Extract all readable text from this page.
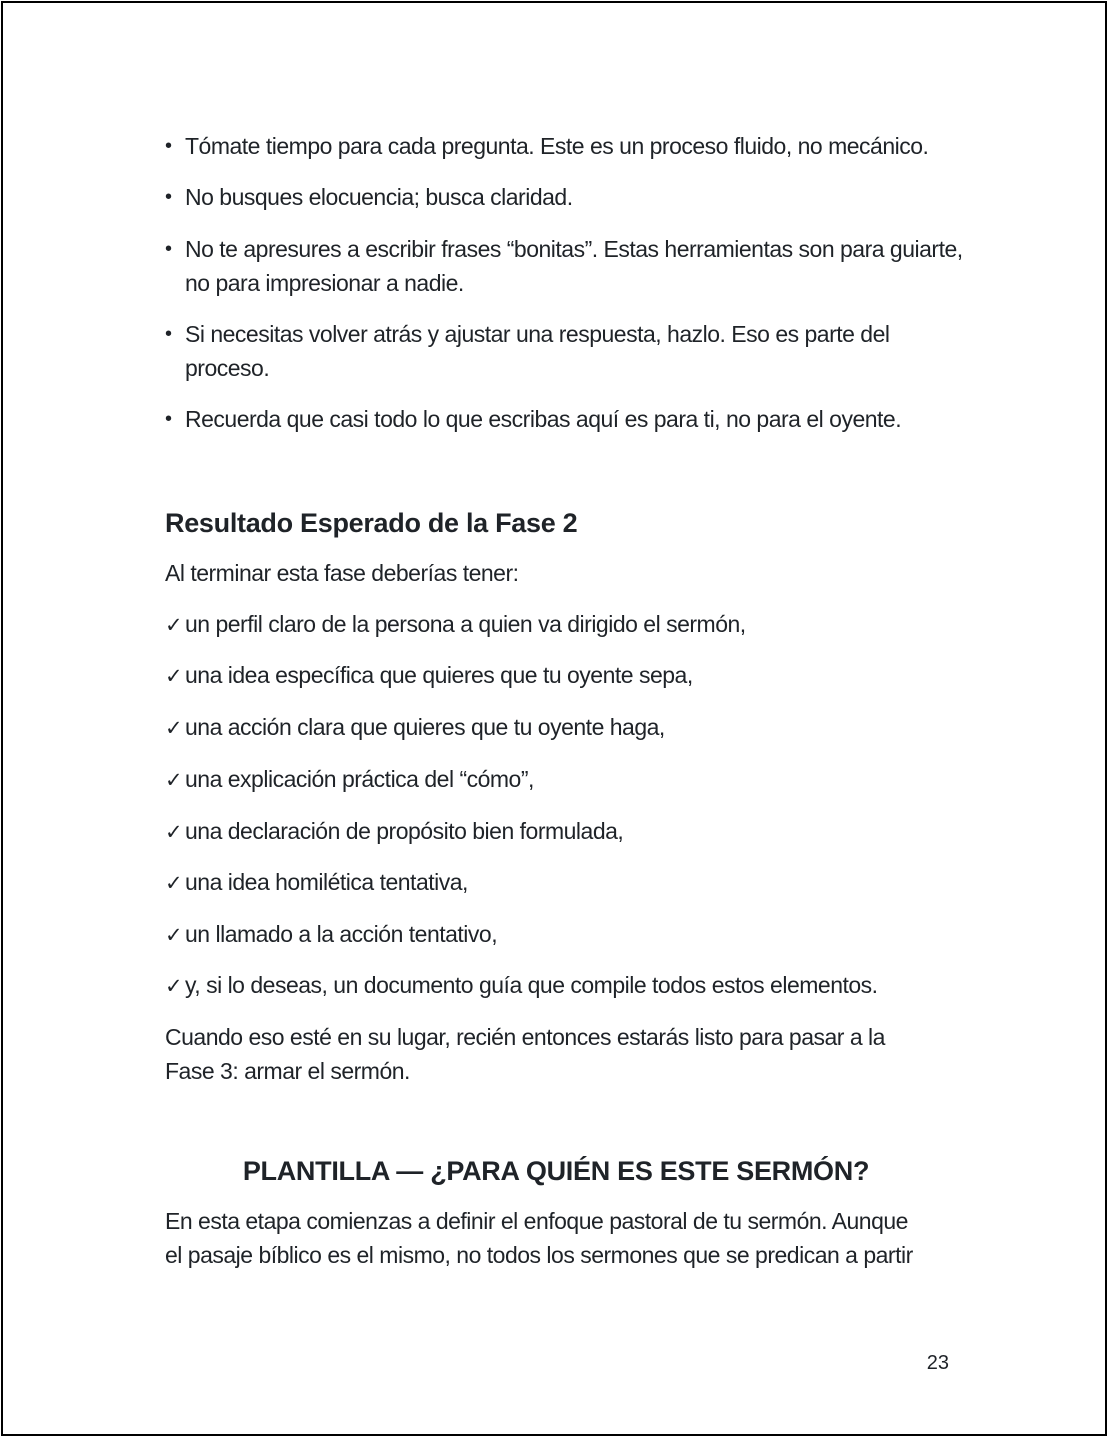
• Tómate tiempo para cada pregunta. Este es un proceso fluido, no mecánico.
• No busques elocuencia; busca claridad.
• No te apresures a escribir frases “bonitas”. Estas herramientas son para guiarte, no para impresionar a nadie.
• Si necesitas volver atrás y ajustar una respuesta, hazlo. Eso es parte del proceso.
• Recuerda que casi todo lo que escribas aquí es para ti, no para el oyente.
Resultado Esperado de la Fase 2
Al terminar esta fase deberías tener:
✓ un perfil claro de la persona a quien va dirigido el sermón,
✓ una idea específica que quieres que tu oyente sepa,
✓ una acción clara que quieres que tu oyente haga,
✓ una explicación práctica del “cómo”,
✓ una declaración de propósito bien formulada,
✓ una idea homilética tentativa,
✓ un llamado a la acción tentativo,
✓ y, si lo deseas, un documento guía que compile todos estos elementos.
Cuando eso esté en su lugar, recién entonces estarás listo para pasar a la
Fase 3: armar el sermón.
PLANTILLA — ¿PARA QUIÉN ES ESTE SERMÓN?
En esta etapa comienzas a definir el enfoque pastoral de tu sermón. Aunque
el pasaje bíblico es el mismo, no todos los sermones que se predican a partir
23
